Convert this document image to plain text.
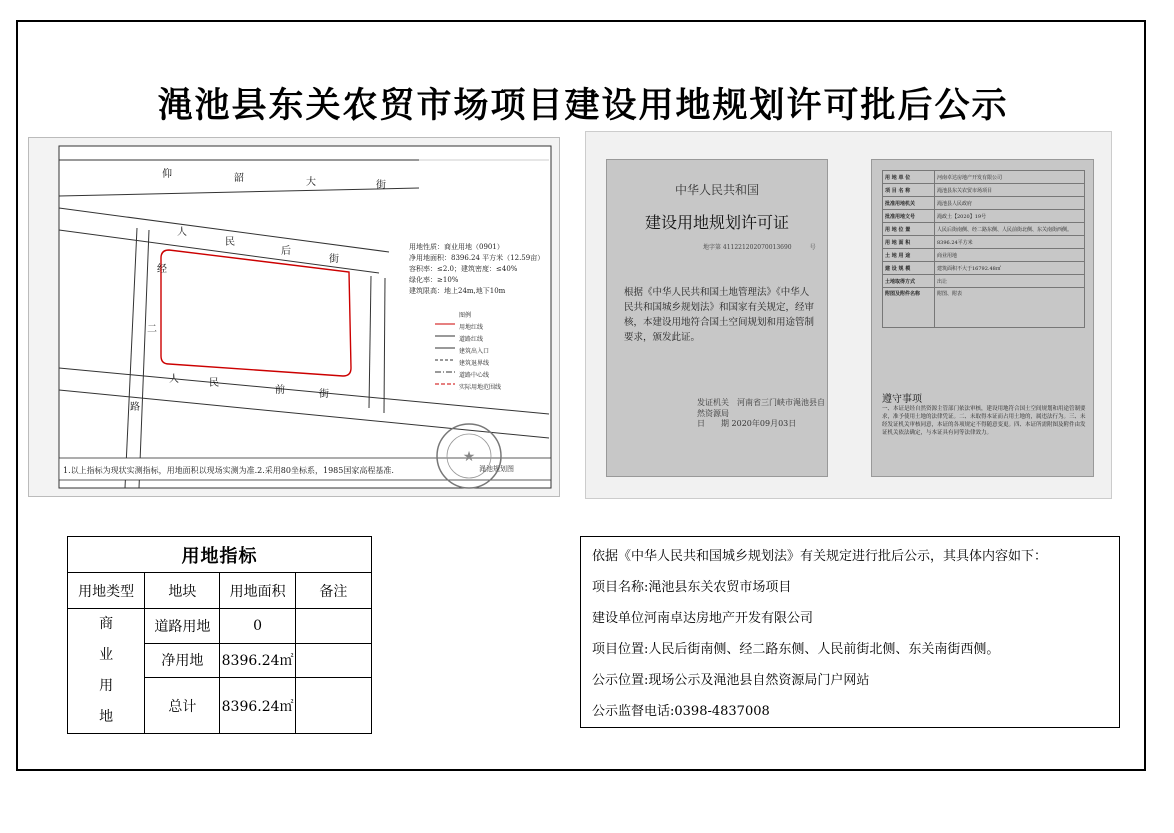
渑池县东关农贸市场项目建设用地规划许可批后公示
★
仰	韶	大	街
人
民
后
街
经
二
人	民
前	街
路
用地性质：商业用地（0901）
净用地面积：8396.24 平方米（12.59亩）
容积率：≤2.0；建筑密度：≤40%
绿化率：≥10%
建筑限高：地上24m,地下10m
图例
用地红线
道路红线
建筑出入口
建筑退界线
道路中心线
实际用地范围线
1.以上指标为现状实测指标，用地面积以现场实测为准.2.采用80坐标系，1985国家高程基准.	渑池规划图
中华人民共和国
建设用地规划许可证
地字第 411221202070013690　　　号
根据《中华人民共和国土地管理法》《中华人民共和国城乡规划法》和国家有关规定，经审核，本建设用地符合国土空间规划和用途管制要求，颁发此证。
发证机关　河南省三门峡市渑池县自然资源局
日　　期 2020年09月03日
用 地 单 位	河南卓达房地产开发有限公司
项 目 名 称	渑池县东关农贸市场项目
批准用地机关	渑池县人民政府
批准用地文号	渑政土【2020】19号
用 地 位 置	人民后街南侧、经二路东侧、人民前街北侧、东关南街西侧。
用 地 面 积	8396.24平方米
土 地 用 途	商业用地
建 设 规 模	建筑面积不大于16792.48㎡
土地取得方式	出让
附图及附件名称	附图、附表
遵守事项
一、本证是经自然资源主管部门依法审核，建设用地符合国土空间规划和用途管制要求，准予使用土地的法律凭证。二、未取得本证而占用土地的，属违法行为。三、未经发证机关审核同意，本证的各项规定不得随意变更。四、本证所需附图及附件由发证机关依法确定，与本证具有同等法律效力。
用地指标			
用地类型	地块	用地面积	备注

商
业
用
地	道路用地	0	
	净用地	8396.24㎡	
	总计	8396.24㎡	

依据《中华人民共和国城乡规划法》有关规定进行批后公示，其具体内容如下：

项目名称:渑池县东关农贸市场项目

建设单位河南卓达房地产开发有限公司

项目位置:人民后街南侧、经二路东侧、人民前街北侧、东关南街西侧。

公示位置:现场公示及渑池县自然资源局门户网站

公示监督电话:0398-4837008
